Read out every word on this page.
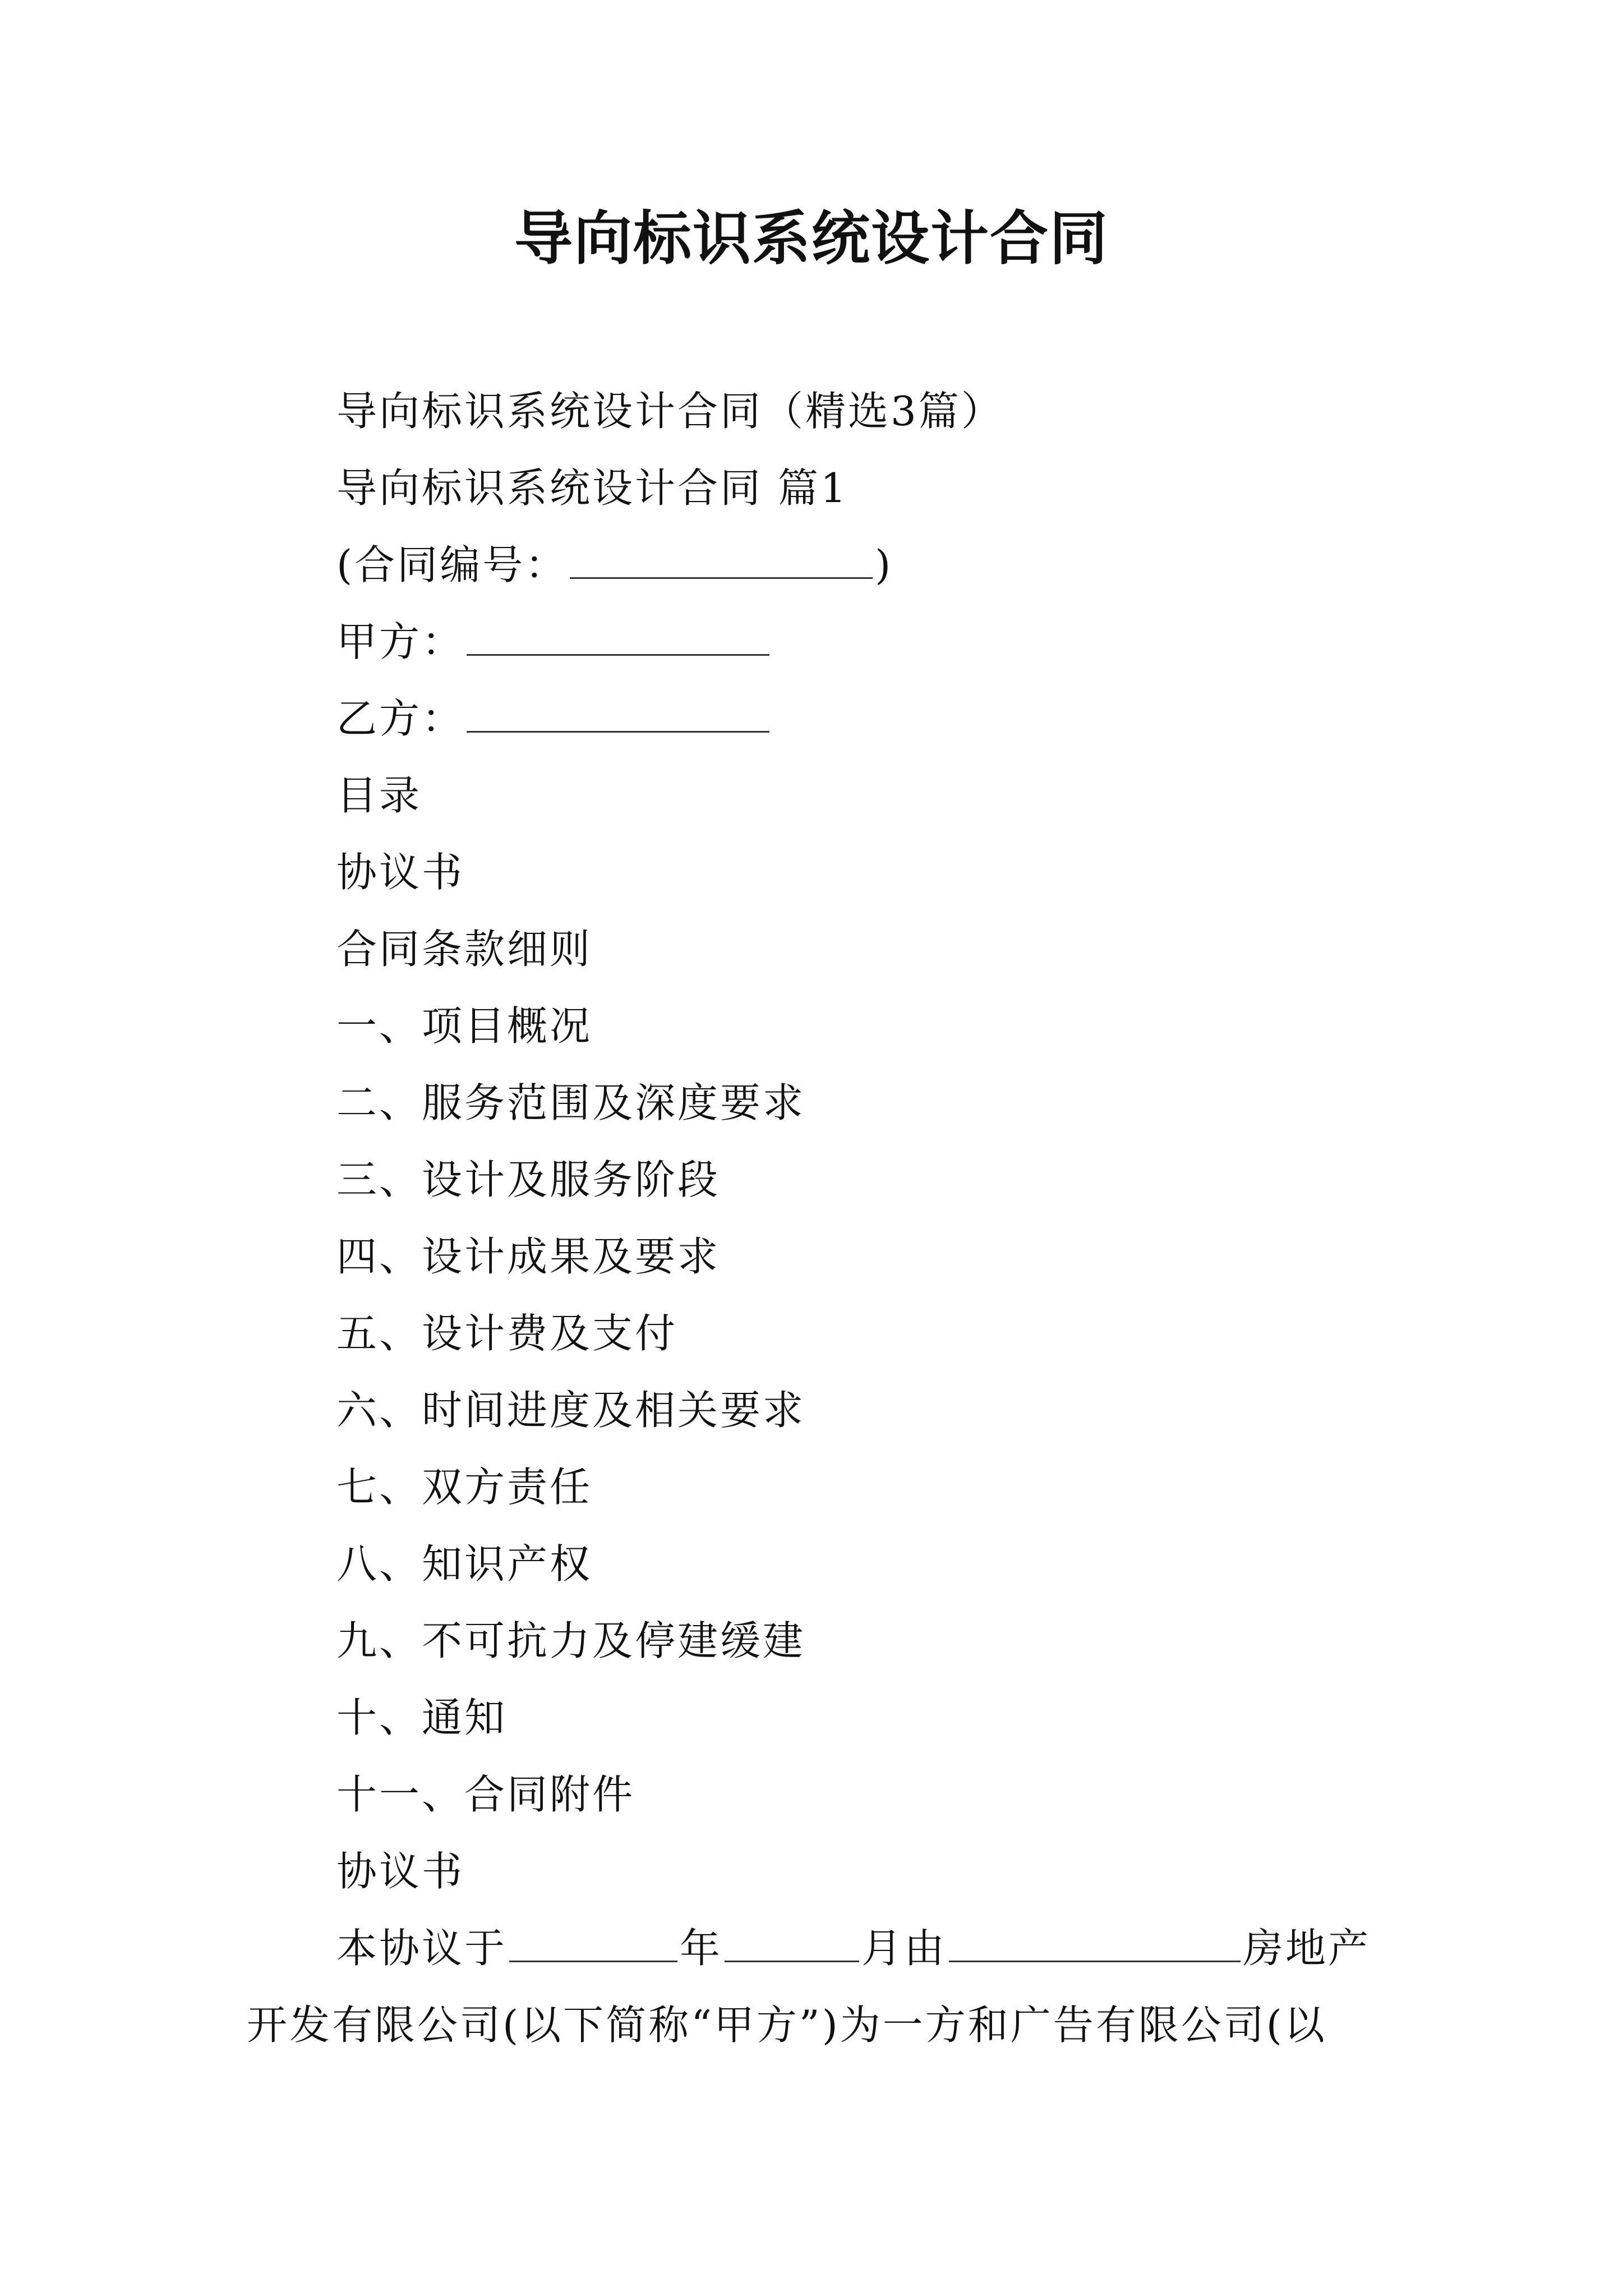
导向标识系统设计合同
导向标识系统设计合同（精选3篇）
导向标识系统设计合同 篇1
(合同编号：	)
甲方：
乙方：
目录
协议书
合同条款细则
一、项目概况
二、服务范围及深度要求
三、设计及服务阶段
四、设计成果及要求
五、设计费及支付
六、时间进度及相关要求
七、双方责任
八、知识产权
九、不可抗力及停建缓建
十、通知
十一、合同附件
协议书
本协议于	年	月由	房地产
开发有限公司(以下简称“甲方”)为一方和广告有限公司(以
